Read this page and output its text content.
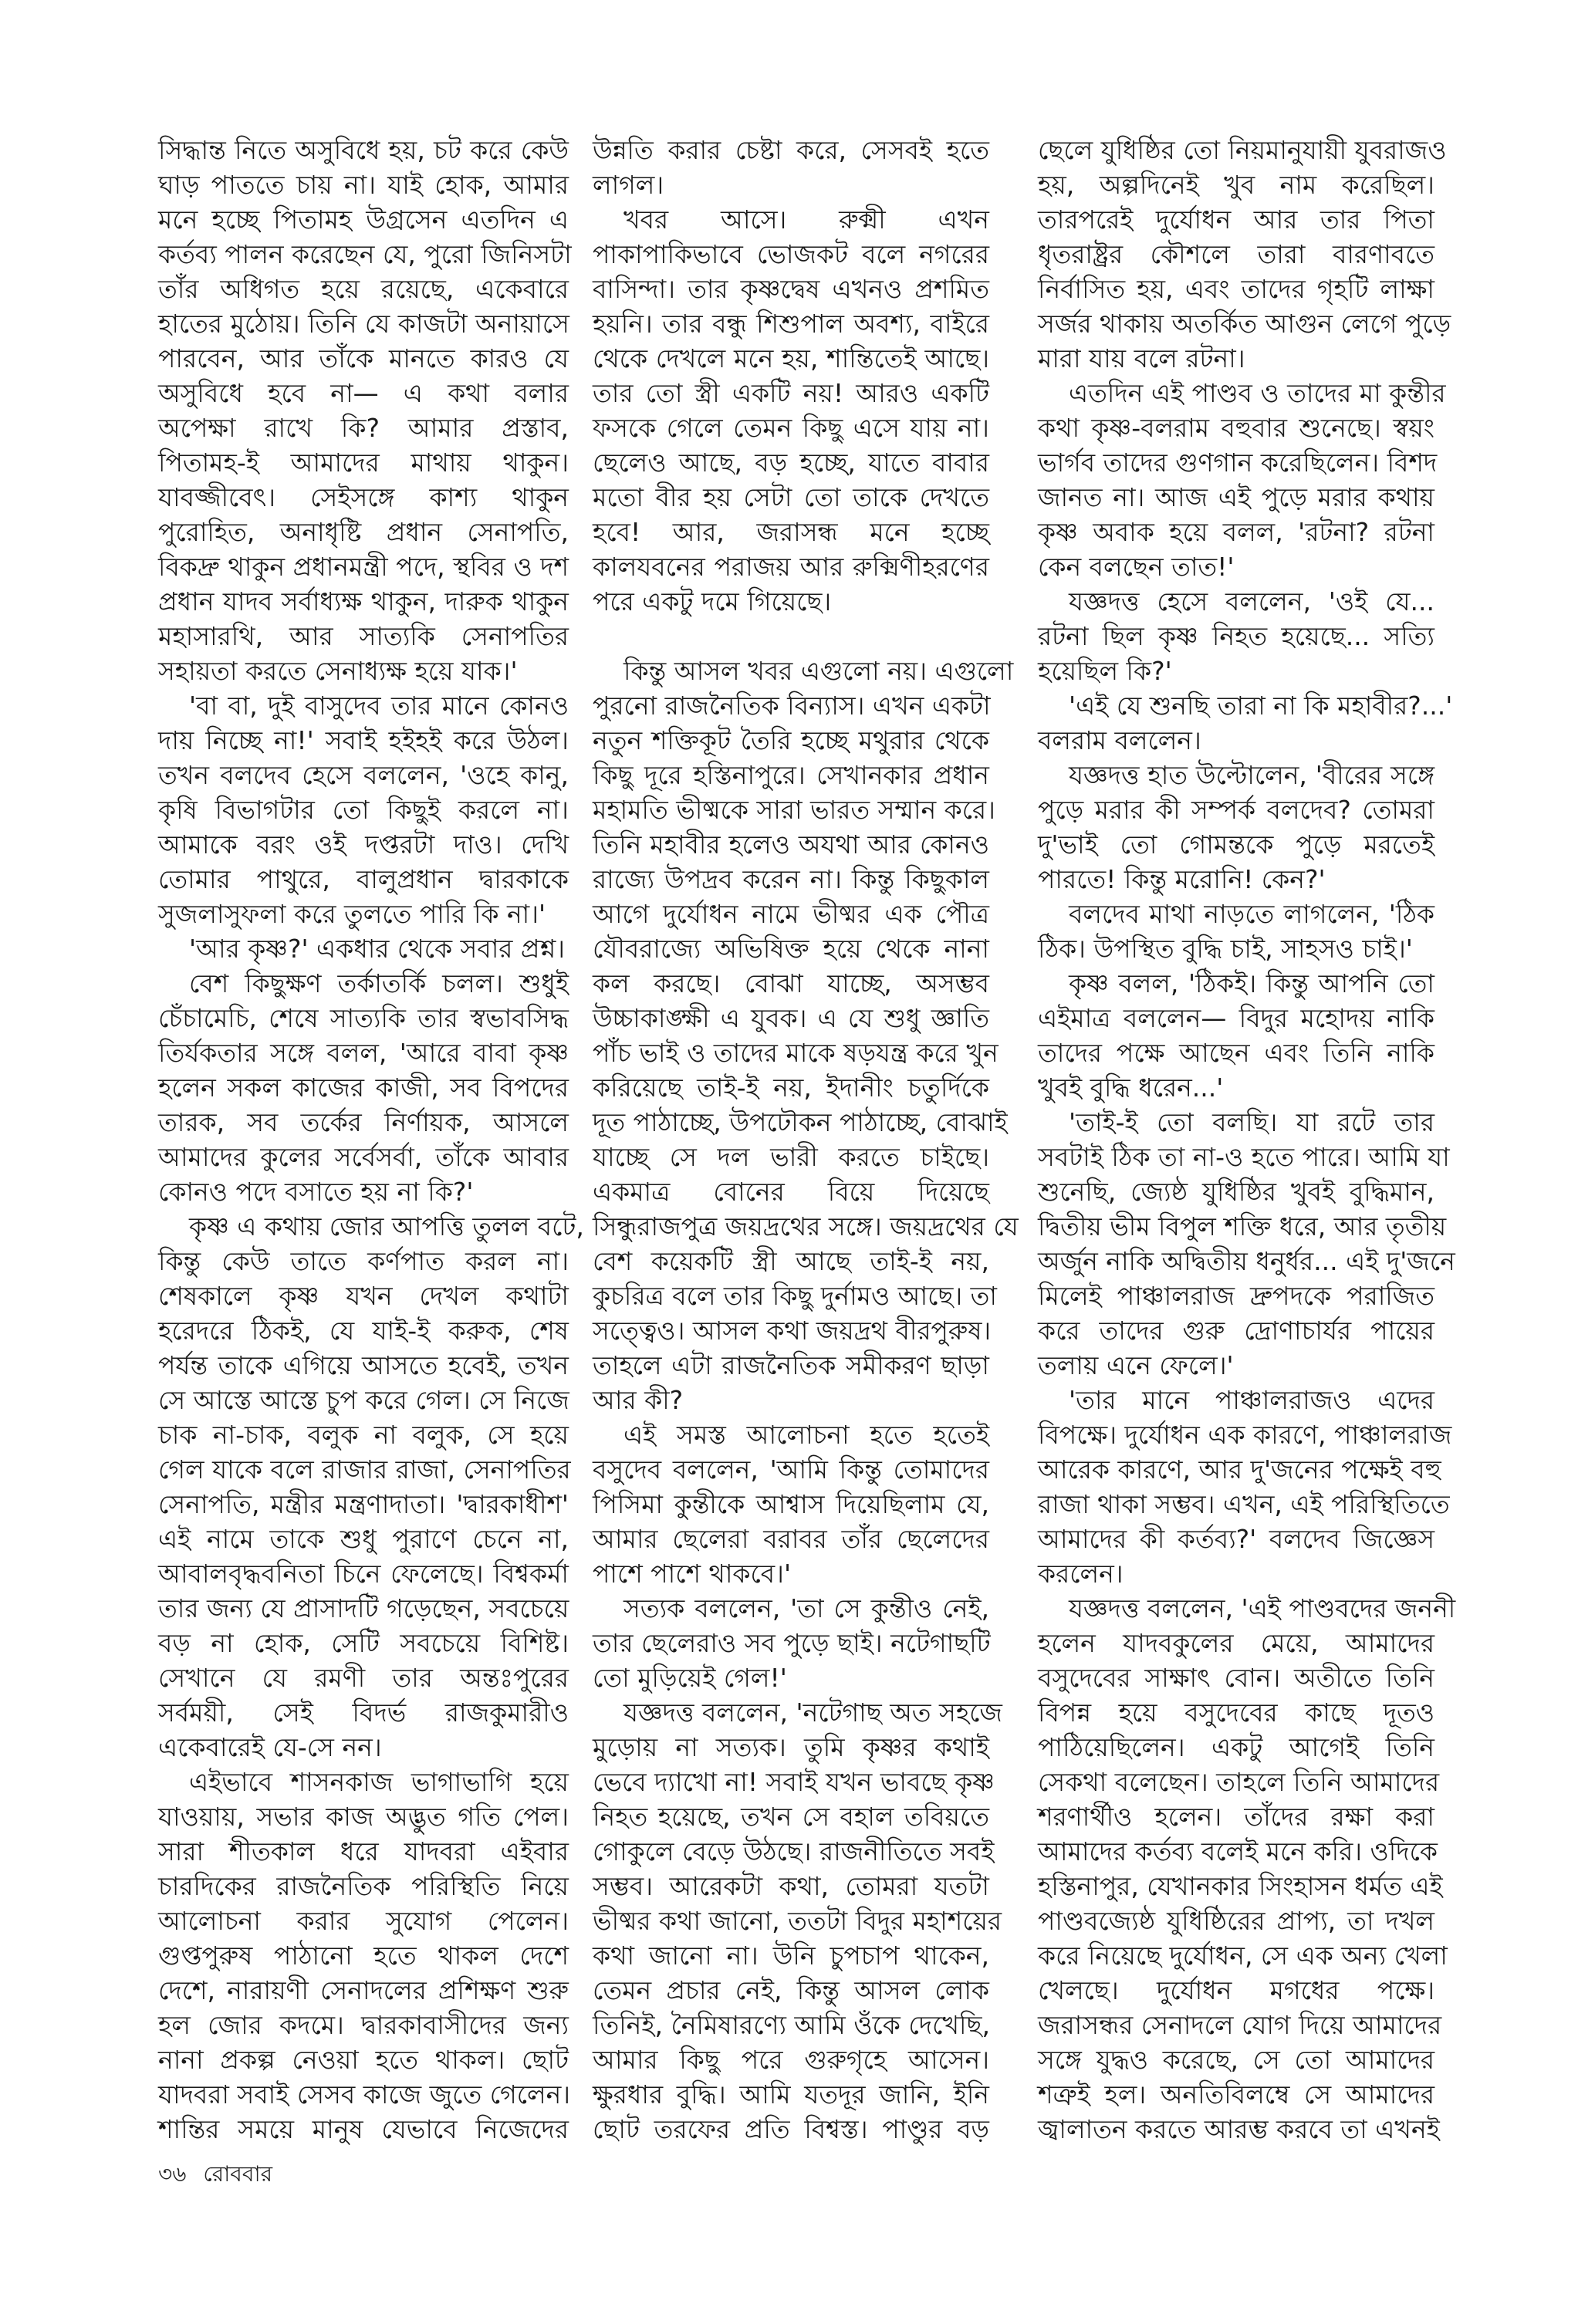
সিদ্ধান্ত নিতে অসুবিধে হয়, চট করে কেউ
ঘাড় পাততে চায় না। যাই হোক, আমার
মনে হচ্ছে পিতামহ উগ্রসেন এতদিন এ
কর্তব্য পালন করেছেন যে, পুরো জিনিসটা
তাঁর অধিগত হয়ে রয়েছে, একেবারে
হাতের মুঠোয়। তিনি যে কাজটা অনায়াসে
পারবেন, আর তাঁকে মানতে কারও যে
অসুবিধে হবে না— এ কথা বলার
অপেক্ষা রাখে কি? আমার প্রস্তাব,
পিতামহ-ই আমাদের মাথায় থাকুন।
যাবজ্জীবেৎ। সেইসঙ্গে কাশ্য থাকুন
পুরোহিত, অনাধৃষ্টি প্রধান সেনাপতি,
বিকদ্রু থাকুন প্রধানমন্ত্রী পদে, স্থবির ও দশ
প্রধান যাদব সর্বাধ্যক্ষ থাকুন, দারুক থাকুন
মহাসারথি, আর সাত্যকি সেনাপতির
সহায়তা করতে সেনাধ্যক্ষ হয়ে যাক।'
'বা বা, দুই বাসুদেব তার মানে কোনও
দায় নিচ্ছে না!' সবাই হইহই করে উঠল।
তখন বলদেব হেসে বললেন, 'ওহে কানু,
কৃষি বিভাগটার তো কিছুই করলে না।
আমাকে বরং ওই দপ্তরটা দাও। দেখি
তোমার পাথুরে, বালুপ্রধান দ্বারকাকে
সুজলাসুফলা করে তুলতে পারি কি না।'
'আর কৃষ্ণ?' একধার থেকে সবার প্রশ্ন।
বেশ কিছুক্ষণ তর্কাতর্কি চলল। শুধুই
চেঁচামেচি, শেষে সাত্যকি তার স্বভাবসিদ্ধ
তির্যকতার সঙ্গে বলল, 'আরে বাবা কৃষ্ণ
হলেন সকল কাজের কাজী, সব বিপদের
তারক, সব তর্কের নির্ণায়ক, আসলে
আমাদের কুলের সর্বেসর্বা, তাঁকে আবার
কোনও পদে বসাতে হয় না কি?'
কৃষ্ণ এ কথায় জোর আপত্তি তুলল বটে,
কিন্তু কেউ তাতে কর্ণপাত করল না।
শেষকালে কৃষ্ণ যখন দেখল কথাটা
হরেদরে ঠিকই, যে যাই-ই করুক, শেষ
পর্যন্ত তাকে এগিয়ে আসতে হবেই, তখন
সে আস্তে আস্তে চুপ করে গেল। সে নিজে
চাক না-চাক, বলুক না বলুক, সে হয়ে
গেল যাকে বলে রাজার রাজা, সেনাপতির
সেনাপতি, মন্ত্রীর মন্ত্রণাদাতা। 'দ্বারকাধীশ'
এই নামে তাকে শুধু পুরাণে চেনে না,
আবালবৃদ্ধবনিতা চিনে ফেলেছে। বিশ্বকর্মা
তার জন্য যে প্রাসাদটি গড়েছেন, সবচেয়ে
বড় না হোক, সেটি সবচেয়ে বিশিষ্ট।
সেখানে যে রমণী তার অন্তঃপুরের
সর্বময়ী, সেই বিদর্ভ রাজকুমারীও
একেবারেই যে-সে নন।
এইভাবে শাসনকাজ ভাগাভাগি হয়ে
যাওয়ায়, সভার কাজ অদ্ভুত গতি পেল।
সারা শীতকাল ধরে যাদবরা এইবার
চারদিকের রাজনৈতিক পরিস্থিতি নিয়ে
আলোচনা করার সুযোগ পেলেন।
গুপ্তপুরুষ পাঠানো হতে থাকল দেশে
দেশে, নারায়ণী সেনাদলের প্রশিক্ষণ শুরু
হল জোর কদমে। দ্বারকাবাসীদের জন্য
নানা প্রকল্প নেওয়া হতে থাকল। ছোট
যাদবরা সবাই সেসব কাজে জুতে গেলেন।
শান্তির সময়ে মানুষ যেভাবে নিজেদের
উন্নতি করার চেষ্টা করে, সেসবই হতে
লাগল।
খবর আসে। রুক্মী এখন
পাকাপাকিভাবে ভোজকট বলে নগরের
বাসিন্দা। তার কৃষ্ণদ্বেষ এখনও প্রশমিত
হয়নি। তার বন্ধু শিশুপাল অবশ্য, বাইরে
থেকে দেখলে মনে হয়, শান্তিতেই আছে।
তার তো স্ত্রী একটি নয়! আরও একটি
ফসকে গেলে তেমন কিছু এসে যায় না।
ছেলেও আছে, বড় হচ্ছে, যাতে বাবার
মতো বীর হয় সেটা তো তাকে দেখতে
হবে! আর, জরাসন্ধ মনে হচ্ছে
কালযবনের পরাজয় আর রুক্মিণীহরণের
পরে একটু দমে গিয়েছে।
কিন্তু আসল খবর এগুলো নয়। এগুলো
পুরনো রাজনৈতিক বিন্যাস। এখন একটা
নতুন শক্তিকূট তৈরি হচ্ছে মথুরার থেকে
কিছু দূরে হস্তিনাপুরে। সেখানকার প্রধান
মহামতি ভীষ্মকে সারা ভারত সম্মান করে।
তিনি মহাবীর হলেও অযথা আর কোনও
রাজ্যে উপদ্রব করেন না। কিন্তু কিছুকাল
আগে দুর্যোধন নামে ভীষ্মর এক পৌত্র
যৌবরাজ্যে অভিষিক্ত হয়ে থেকে নানা
কল করছে। বোঝা যাচ্ছে, অসম্ভব
উচ্চাকাঙ্ক্ষী এ যুবক। এ যে শুধু জ্ঞাতি
পাঁচ ভাই ও তাদের মাকে ষড়যন্ত্র করে খুন
করিয়েছে তাই-ই নয়, ইদানীং চতুর্দিকে
দূত পাঠাচ্ছে, উপঢৌকন পাঠাচ্ছে, বোঝাই
যাচ্ছে সে দল ভারী করতে চাইছে।
একমাত্র বোনের বিয়ে দিয়েছে
সিন্ধুরাজপুত্র জয়দ্রথের সঙ্গে। জয়দ্রথের যে
বেশ কয়েকটি স্ত্রী আছে তাই-ই নয়,
কুচরিত্র বলে তার কিছু দুর্নামও আছে। তা
সত্ত্বেও। আসল কথা জয়দ্রথ বীরপুরুষ।
তাহলে এটা রাজনৈতিক সমীকরণ ছাড়া
আর কী?
এই সমস্ত আলোচনা হতে হতেই
বসুদেব বললেন, 'আমি কিন্তু তোমাদের
পিসিমা কুন্তীকে আশ্বাস দিয়েছিলাম যে,
আমার ছেলেরা বরাবর তাঁর ছেলেদের
পাশে পাশে থাকবে।'
সত্যক বললেন, 'তা সে কুন্তীও নেই,
তার ছেলেরাও সব পুড়ে ছাই। নটেগাছটি
তো মুড়িয়েই গেল!'
যজ্ঞদত্ত বললেন, 'নটেগাছ অত সহজে
মুড়োয় না সত্যক। তুমি কৃষ্ণর কথাই
ভেবে দ্যাখো না! সবাই যখন ভাবছে কৃষ্ণ
নিহত হয়েছে, তখন সে বহাল তবিয়তে
গোকুলে বেড়ে উঠছে। রাজনীতিতে সবই
সম্ভব। আরেকটা কথা, তোমরা যতটা
ভীষ্মর কথা জানো, ততটা বিদুর মহাশয়ের
কথা জানো না। উনি চুপচাপ থাকেন,
তেমন প্রচার নেই, কিন্তু আসল লোক
তিনিই, নৈমিষারণ্যে আমি ওঁকে দেখেছি,
আমার কিছু পরে গুরুগৃহে আসেন।
ক্ষুরধার বুদ্ধি। আমি যতদূর জানি, ইনি
ছোট তরফের প্রতি বিশ্বস্ত। পাণ্ডুর বড়
ছেলে যুধিষ্ঠির তো নিয়মানুযায়ী যুবরাজও
হয়, অল্পদিনেই খুব নাম করেছিল।
তারপরেই দুর্যোধন আর তার পিতা
ধৃতরাষ্ট্রর কৌশলে তারা বারণাবতে
নির্বাসিত হয়, এবং তাদের গৃহটি লাক্ষা
সর্জর থাকায় অতর্কিত আগুন লেগে পুড়ে
মারা যায় বলে রটনা।
এতদিন এই পাণ্ডব ও তাদের মা কুন্তীর
কথা কৃষ্ণ-বলরাম বহুবার শুনেছে। স্বয়ং
ভার্গব তাদের গুণগান করেছিলেন। বিশদ
জানত না। আজ এই পুড়ে মরার কথায়
কৃষ্ণ অবাক হয়ে বলল, 'রটনা? রটনা
কেন বলছেন তাত!'
যজ্ঞদত্ত হেসে বললেন, 'ওই যে...
রটনা ছিল কৃষ্ণ নিহত হয়েছে... সত্যি
হয়েছিল কি?'
'এই যে শুনছি তারা না কি মহাবীর?...'
বলরাম বললেন।
যজ্ঞদত্ত হাত উল্টোলেন, 'বীরের সঙ্গে
পুড়ে মরার কী সম্পর্ক বলদেব? তোমরা
দু'ভাই তো গোমন্তকে পুড়ে মরতেই
পারতে! কিন্তু মরোনি! কেন?'
বলদেব মাথা নাড়তে লাগলেন, 'ঠিক
ঠিক। উপস্থিত বুদ্ধি চাই, সাহসও চাই।'
কৃষ্ণ বলল, 'ঠিকই। কিন্তু আপনি তো
এইমাত্র বললেন— বিদুর মহোদয় নাকি
তাদের পক্ষে আছেন এবং তিনি নাকি
খুবই বুদ্ধি ধরেন...'
'তাই-ই তো বলছি। যা রটে তার
সবটাই ঠিক তা না-ও হতে পারে। আমি যা
শুনেছি, জ্যেষ্ঠ যুধিষ্ঠির খুবই বুদ্ধিমান,
দ্বিতীয় ভীম বিপুল শক্তি ধরে, আর তৃতীয়
অর্জুন নাকি অদ্বিতীয় ধনুর্ধর... এই দু'জনে
মিলেই পাঞ্চালরাজ দ্রুপদকে পরাজিত
করে তাদের গুরু দ্রোণাচার্যর পায়ের
তলায় এনে ফেলে।'
'তার মানে পাঞ্চালরাজও এদের
বিপক্ষে। দুর্যোধন এক কারণে, পাঞ্চালরাজ
আরেক কারণে, আর দু'জনের পক্ষেই বহু
রাজা থাকা সম্ভব। এখন, এই পরিস্থিতিতে
আমাদের কী কর্তব্য?' বলদেব জিজ্ঞেস
করলেন।
যজ্ঞদত্ত বললেন, 'এই পাণ্ডবদের জননী
হলেন যাদবকুলের মেয়ে, আমাদের
বসুদেবের সাক্ষাৎ বোন। অতীতে তিনি
বিপন্ন হয়ে বসুদেবের কাছে দূতও
পাঠিয়েছিলেন। একটু আগেই তিনি
সেকথা বলেছেন। তাহলে তিনি আমাদের
শরণার্থীও হলেন। তাঁদের রক্ষা করা
আমাদের কর্তব্য বলেই মনে করি। ওদিকে
হস্তিনাপুর, যেখানকার সিংহাসন ধর্মত এই
পাণ্ডবজ্যেষ্ঠ যুধিষ্ঠিরের প্রাপ্য, তা দখল
করে নিয়েছে দুর্যোধন, সে এক অন্য খেলা
খেলছে। দুর্যোধন মগধের পক্ষে।
জরাসন্ধর সেনাদলে যোগ দিয়ে আমাদের
সঙ্গে যুদ্ধও করেছে, সে তো আমাদের
শত্রুই হল। অনতিবিলম্বে সে আমাদের
জ্বালাতন করতে আরম্ভ করবে তা এখনই
৩৬ রোববার
